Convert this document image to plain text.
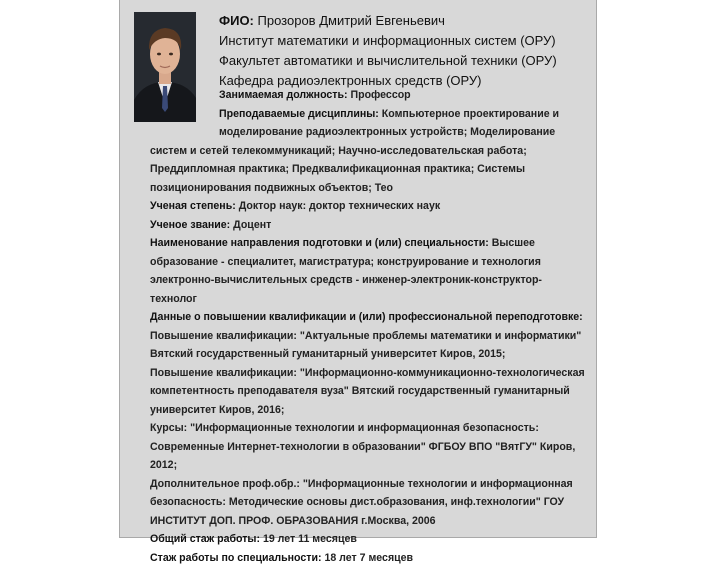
ФИО: Прозоров Дмитрий Евгеньевич
Институт математики и информационных систем (ОРУ)
Факультет автоматики и вычислительной техники (ОРУ)
Кафедра радиоэлектронных средств (ОРУ)
Занимаемая должность: Профессор
Преподаваемые дисциплины: Компьютерное проектирование и
моделирование радиоэлектронных устройств; Моделирование
систем и сетей телекоммуникаций; Научно-исследовательская работа;
Преддипломная практика; Предквалификационная практика; Системы
позиционирования подвижных объектов; Тео
Ученая степень: Доктор наук: доктор технических наук
Ученое звание: Доцент
Наименование направления подготовки и (или) специальности: Высшее
образование - специалитет, магистратура; конструирование и технология
электронно-вычислительных средств - инженер-электроник-конструктор-
технолог
Данные о повышении квалификации и (или) профессиональной переподготовке:
Повышение квалификации: "Актуальные проблемы математики и информатики"
Вятский государственный гуманитарный университет Киров, 2015;
Повышение квалификации: "Информационно-коммуникационно-технологическая
компетентность преподавателя вуза" Вятский государственный гуманитарный
университет Киров, 2016;
Курсы: "Информационные технологии и информационная безопасность:
Современные Интернет-технологии в образовании" ФГБОУ ВПО "ВятГУ" Киров,
2012;
Дополнительное проф.обр.: "Информационные технологии и информационная
безопасность: Методические основы дист.образования, инф.технологии" ГОУ
ИНСТИТУТ ДОП. ПРОФ. ОБРАЗОВАНИЯ г.Москва, 2006
Общий стаж работы: 19 лет 11 месяцев
Стаж работы по специальности: 18 лет 7 месяцев
